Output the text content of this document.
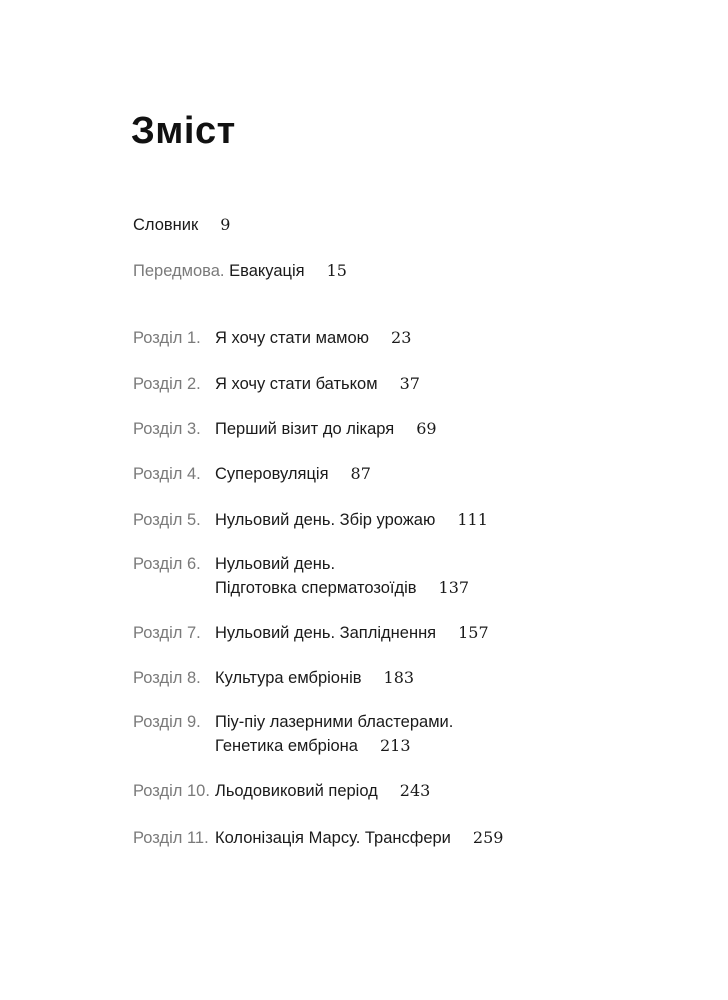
Зміст
Словник 9
Передмова. Евакуація 15
Розділ 1. Я хочу стати мамою 23
Розділ 2. Я хочу стати батьком 37
Розділ 3. Перший візит до лікаря 69
Розділ 4. Суперовуляція 87
Розділ 5. Нульовий день. Збір урожаю 111
Розділ 6. Нульовий день.
Підготовка сперматозоїдів 137
Розділ 7. Нульовий день. Запліднення 157
Розділ 8. Культура ембріонів 183
Розділ 9. Піу-піу лазерними бластерами.
Генетика ембріона 213
Розділ 10. Льодовиковий період 243
Розділ 11. Колонізація Марсу. Трансфери 259
